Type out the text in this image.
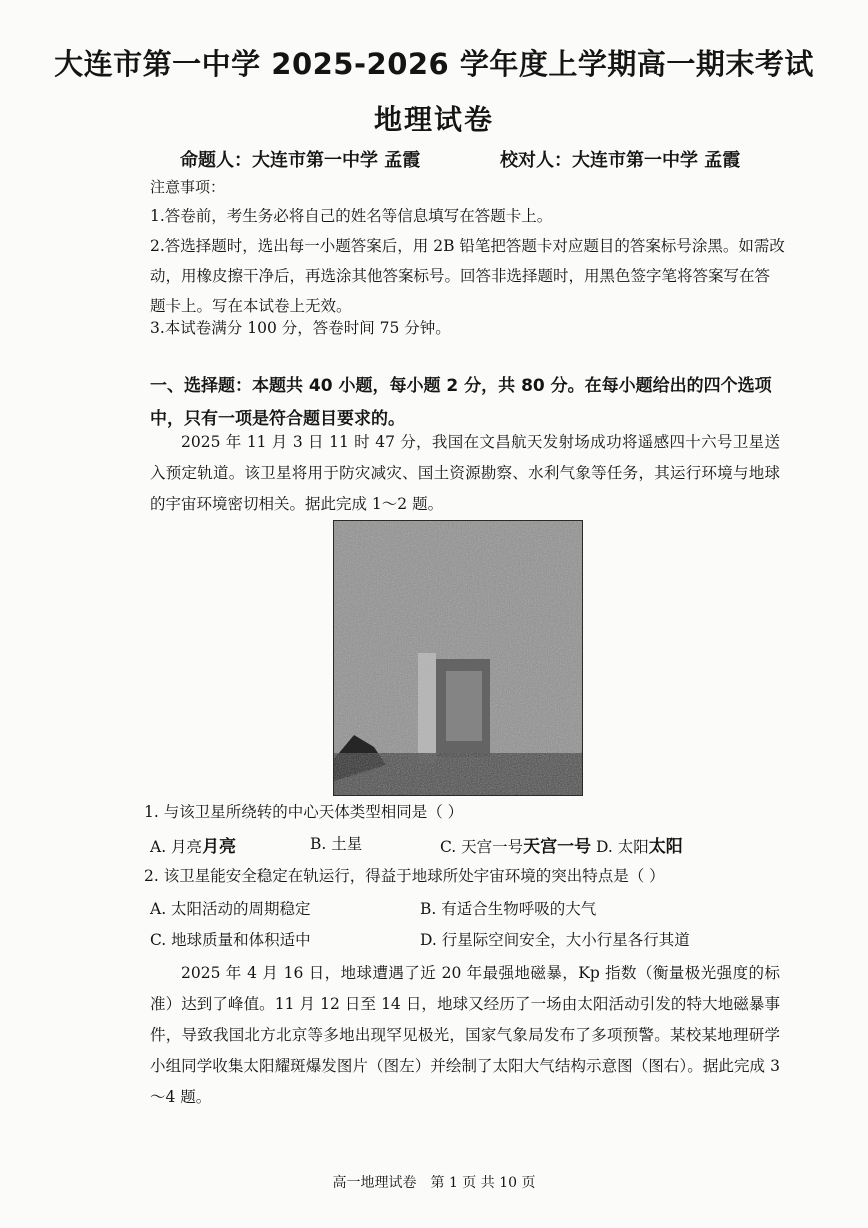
大连市第一中学 2025-2026 学年度上学期高一期末考试
地理试卷
命题人：大连市第一中学 孟霞	校对人：大连市第一中学 孟霞
注意事项：
1.答卷前，考生务必将自己的姓名等信息填写在答题卡上。
2.答选择题时，选出每一小题答案后，用 2B 铅笔把答题卡对应题目的答案标号涂黑。如需改
动，用橡皮擦干净后，再选涂其他答案标号。回答非选择题时，用黑色签字笔将答案写在答
题卡上。写在本试卷上无效。
3.本试卷满分 100 分，答卷时间 75 分钟。
一、选择题：本题共 40 小题，每小题 2 分，共 80 分。在每小题给出的四个选项中，只有一项是符合题目要求的。
2025 年 11 月 3 日 11 时 47 分，我国在文昌航天发射场成功将遥感四十六号卫星送入预定轨道。该卫星将用于防灾减灾、国土资源勘察、水利气象等任务，其运行环境与地球的宇宙环境密切相关。据此完成 1～2 题。
1. 与该卫星所绕转的中心天体类型相同是（ ）
A. 月亮月亮	B. 土星	C. 天宫一号天宫一号 D. 太阳太阳
2. 该卫星能安全稳定在轨运行，得益于地球所处宇宙环境的突出特点是（ ）
A. 太阳活动的周期稳定	B. 有适合生物呼吸的大气
C. 地球质量和体积适中	D. 行星际空间安全，大小行星各行其道
2025 年 4 月 16 日，地球遭遇了近 20 年最强地磁暴，Kp 指数（衡量极光强度的标准）达到了峰值。11 月 12 日至 14 日，地球又经历了一场由太阳活动引发的特大地磁暴事件，导致我国北方北京等多地出现罕见极光，国家气象局发布了多项预警。某校某地理研学小组同学收集太阳耀斑爆发图片（图左）并绘制了太阳大气结构示意图（图右）。据此完成 3～4 题。
高一地理试卷　第 1 页 共 10 页
